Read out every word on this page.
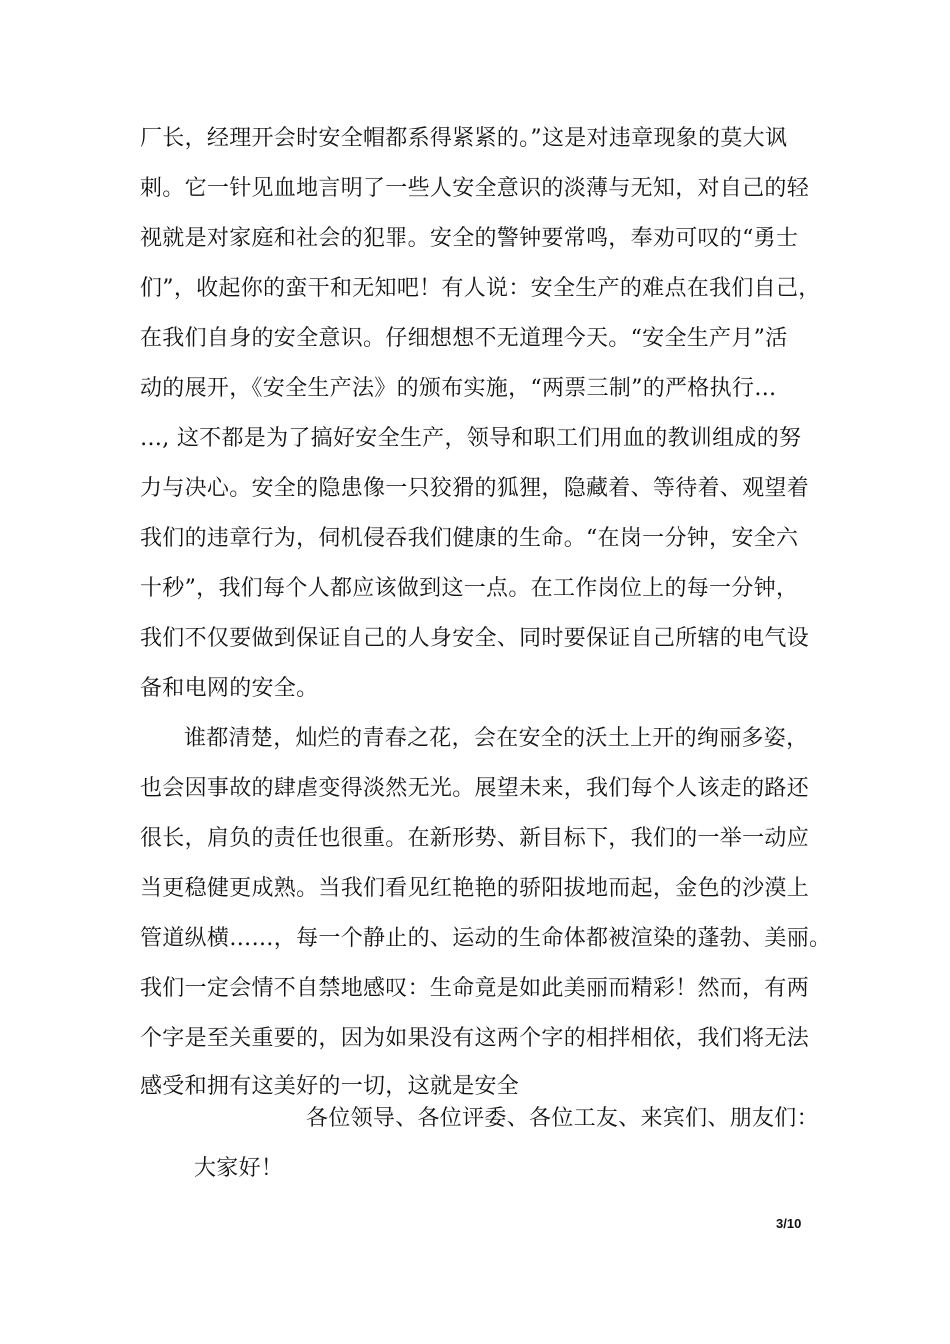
厂长，经理开会时安全帽都系得紧紧的。”这是对违章现象的莫大讽
刺。它一针见血地言明了一些人安全意识的淡薄与无知，对自己的轻
视就是对家庭和社会的犯罪。安全的警钟要常鸣，奉劝可叹的“勇士
们”，收起你的蛮干和无知吧！有人说：安全生产的难点在我们自己，
在我们自身的安全意识。仔细想想不无道理今天。“安全生产月”活
动的展开，《安全生产法》的颁布实施，“两票三制”的严格执行…
…, 这不都是为了搞好安全生产，领导和职工们用血的教训组成的努
力与决心。安全的隐患像一只狡猾的狐狸，隐藏着、等待着、观望着
我们的违章行为，伺机侵吞我们健康的生命。“在岗一分钟，安全六
十秒”，我们每个人都应该做到这一点。在工作岗位上的每一分钟，
我们不仅要做到保证自己的人身安全、同时要保证自己所辖的电气设
备和电网的安全。
谁都清楚，灿烂的青春之花，会在安全的沃土上开的绚丽多姿，
也会因事故的肆虐变得淡然无光。展望未来，我们每个人该走的路还
很长，肩负的责任也很重。在新形势、新目标下，我们的一举一动应
当更稳健更成熟。当我们看见红艳艳的骄阳拔地而起，金色的沙漠上
管道纵横……，每一个静止的、运动的生命体都被渲染的蓬勃、美丽。
我们一定会情不自禁地感叹：生命竟是如此美丽而精彩！然而，有两
个字是至关重要的，因为如果没有这两个字的相拌相依，我们将无法
感受和拥有这美好的一切，这就是安全
各位领导、各位评委、各位工友、来宾们、朋友们：
大家好！
3/10
